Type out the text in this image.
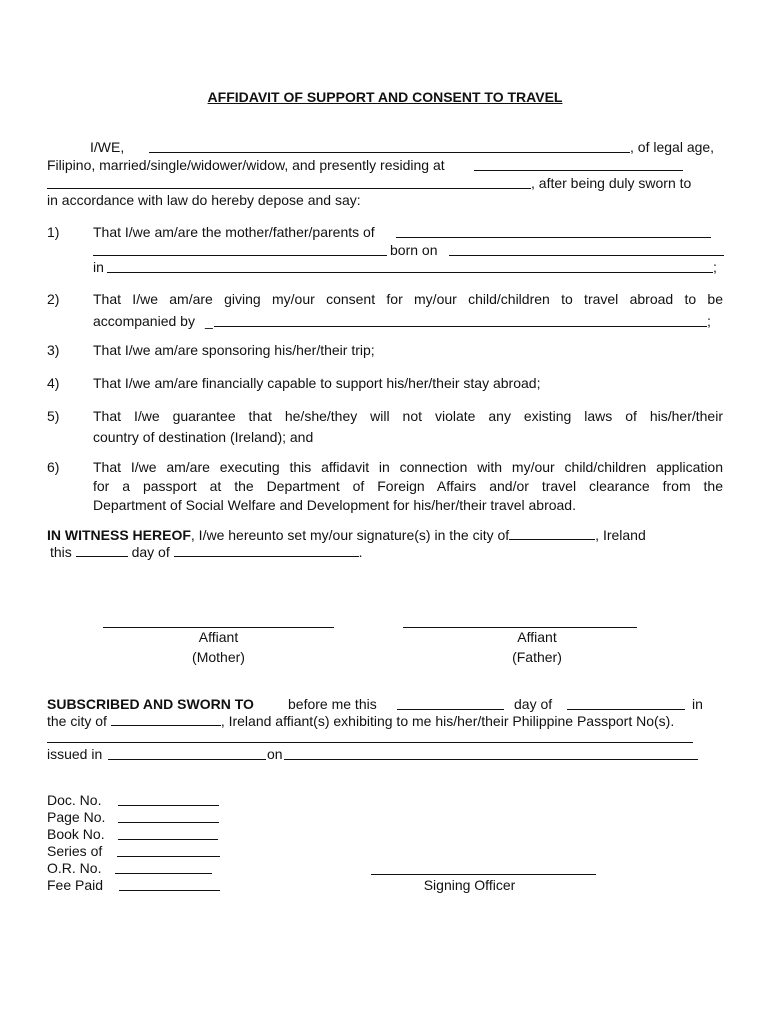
AFFIDAVIT OF SUPPORT AND CONSENT TO TRAVEL
I/WE,	, of legal age,
Filipino, married/single/widower/widow, and presently residing at
, after being duly sworn to
in accordance with law do hereby depose and say:
1) That I/we am/are the mother/father/parents of
born on
in	;
2) That I/we am/are giving my/our consent for my/our child/children to travel abroad to be
accompanied by _	;
3) That I/we am/are sponsoring his/her/their trip;
4) That I/we am/are financially capable to support his/her/their stay abroad;
5) That I/we guarantee that he/she/they will not violate any existing laws of his/her/their
country of destination (Ireland); and
6) That I/we am/are executing this affidavit in connection with my/our child/children application
for a passport at the Department of Foreign Affairs and/or travel clearance from the
Department of Social Welfare and Development for his/her/their travel abroad.
IN WITNESS HEREOF, I/we hereunto set my/our signature(s) in the city of	, Ireland
this	day of	.
Affiant
(Mother)
Affiant
(Father)
SUBSCRIBED AND SWORN TO before me this	day of	in
the city of	, Ireland affiant(s) exhibiting to me his/her/their Philippine Passport No(s).
issued in	on
Doc. No.
Page No.
Book No.
Series of
O.R. No.
Fee Paid	Signing Officer
